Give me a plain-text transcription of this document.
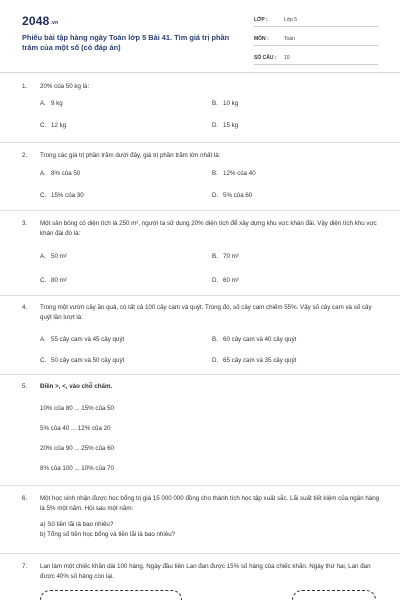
2048.vn
Phiếu bài tập hàng ngày Toán lớp 5 Bài 41. Tìm giá trị phần trăm của một số (có đáp án)
LỚP :	Lớp 5
MÔN :	Toán
SỐ CÂU : 10
1. 20% của 50 kg là:
A. 9 kg	B. 10 kg
C. 12 kg	D. 15 kg
2. Trong các giá trị phần trăm dưới đây, giá trị phần trăm lớn nhất là:
A. 8% của 50	B. 12% của 40
C. 15% của 30	D. 5% của 60
3. Một sân bóng có diện tích là 250 m², người ta sử dụng 20% diện tích để xây dựng khu vực khán đài. Vậy diện tích khu vực khán đài đó là:
A. 50 m²	B. 70 m²
C. 80 m²	D. 60 m²
4. Trong một vườn cây ăn quả, có tất cả 100 cây cam và quýt. Trong đó, số cây cam chiếm 55%. Vậy số cây cam và số cây quýt lần lượt là:
A. 55 cây cam và 45 cây quýt	B. 60 cây cam và 40 cây quýt
C. 50 cây cam và 50 cây quýt	D. 65 cây cam và 35 cây quýt
5. Điền >, <, vào chỗ chấm.
10% của 80 ... 15% của 50
5% của 40 ... 12% của 20
20% của 90 ... 25% của 60
8% của 100 ... 10% của 70
6. Một học sinh nhận được học bổng trị giá 15 000 000 đồng cho thành tích học tập xuất sắc. Lãi suất tiết kiệm của ngân hàng là 5% một năm. Hỏi sau một năm:
a) Số tiền lãi là bao nhiêu?
b) Tổng số tiền học bổng và tiền lãi là bao nhiêu?
7. Lan làm một chiếc khăn dài 100 hàng. Ngày đầu tiên Lan đan được 15% số hàng của chiếc khăn. Ngày thứ hai, Lan đan được 40% số hàng còn lại.
